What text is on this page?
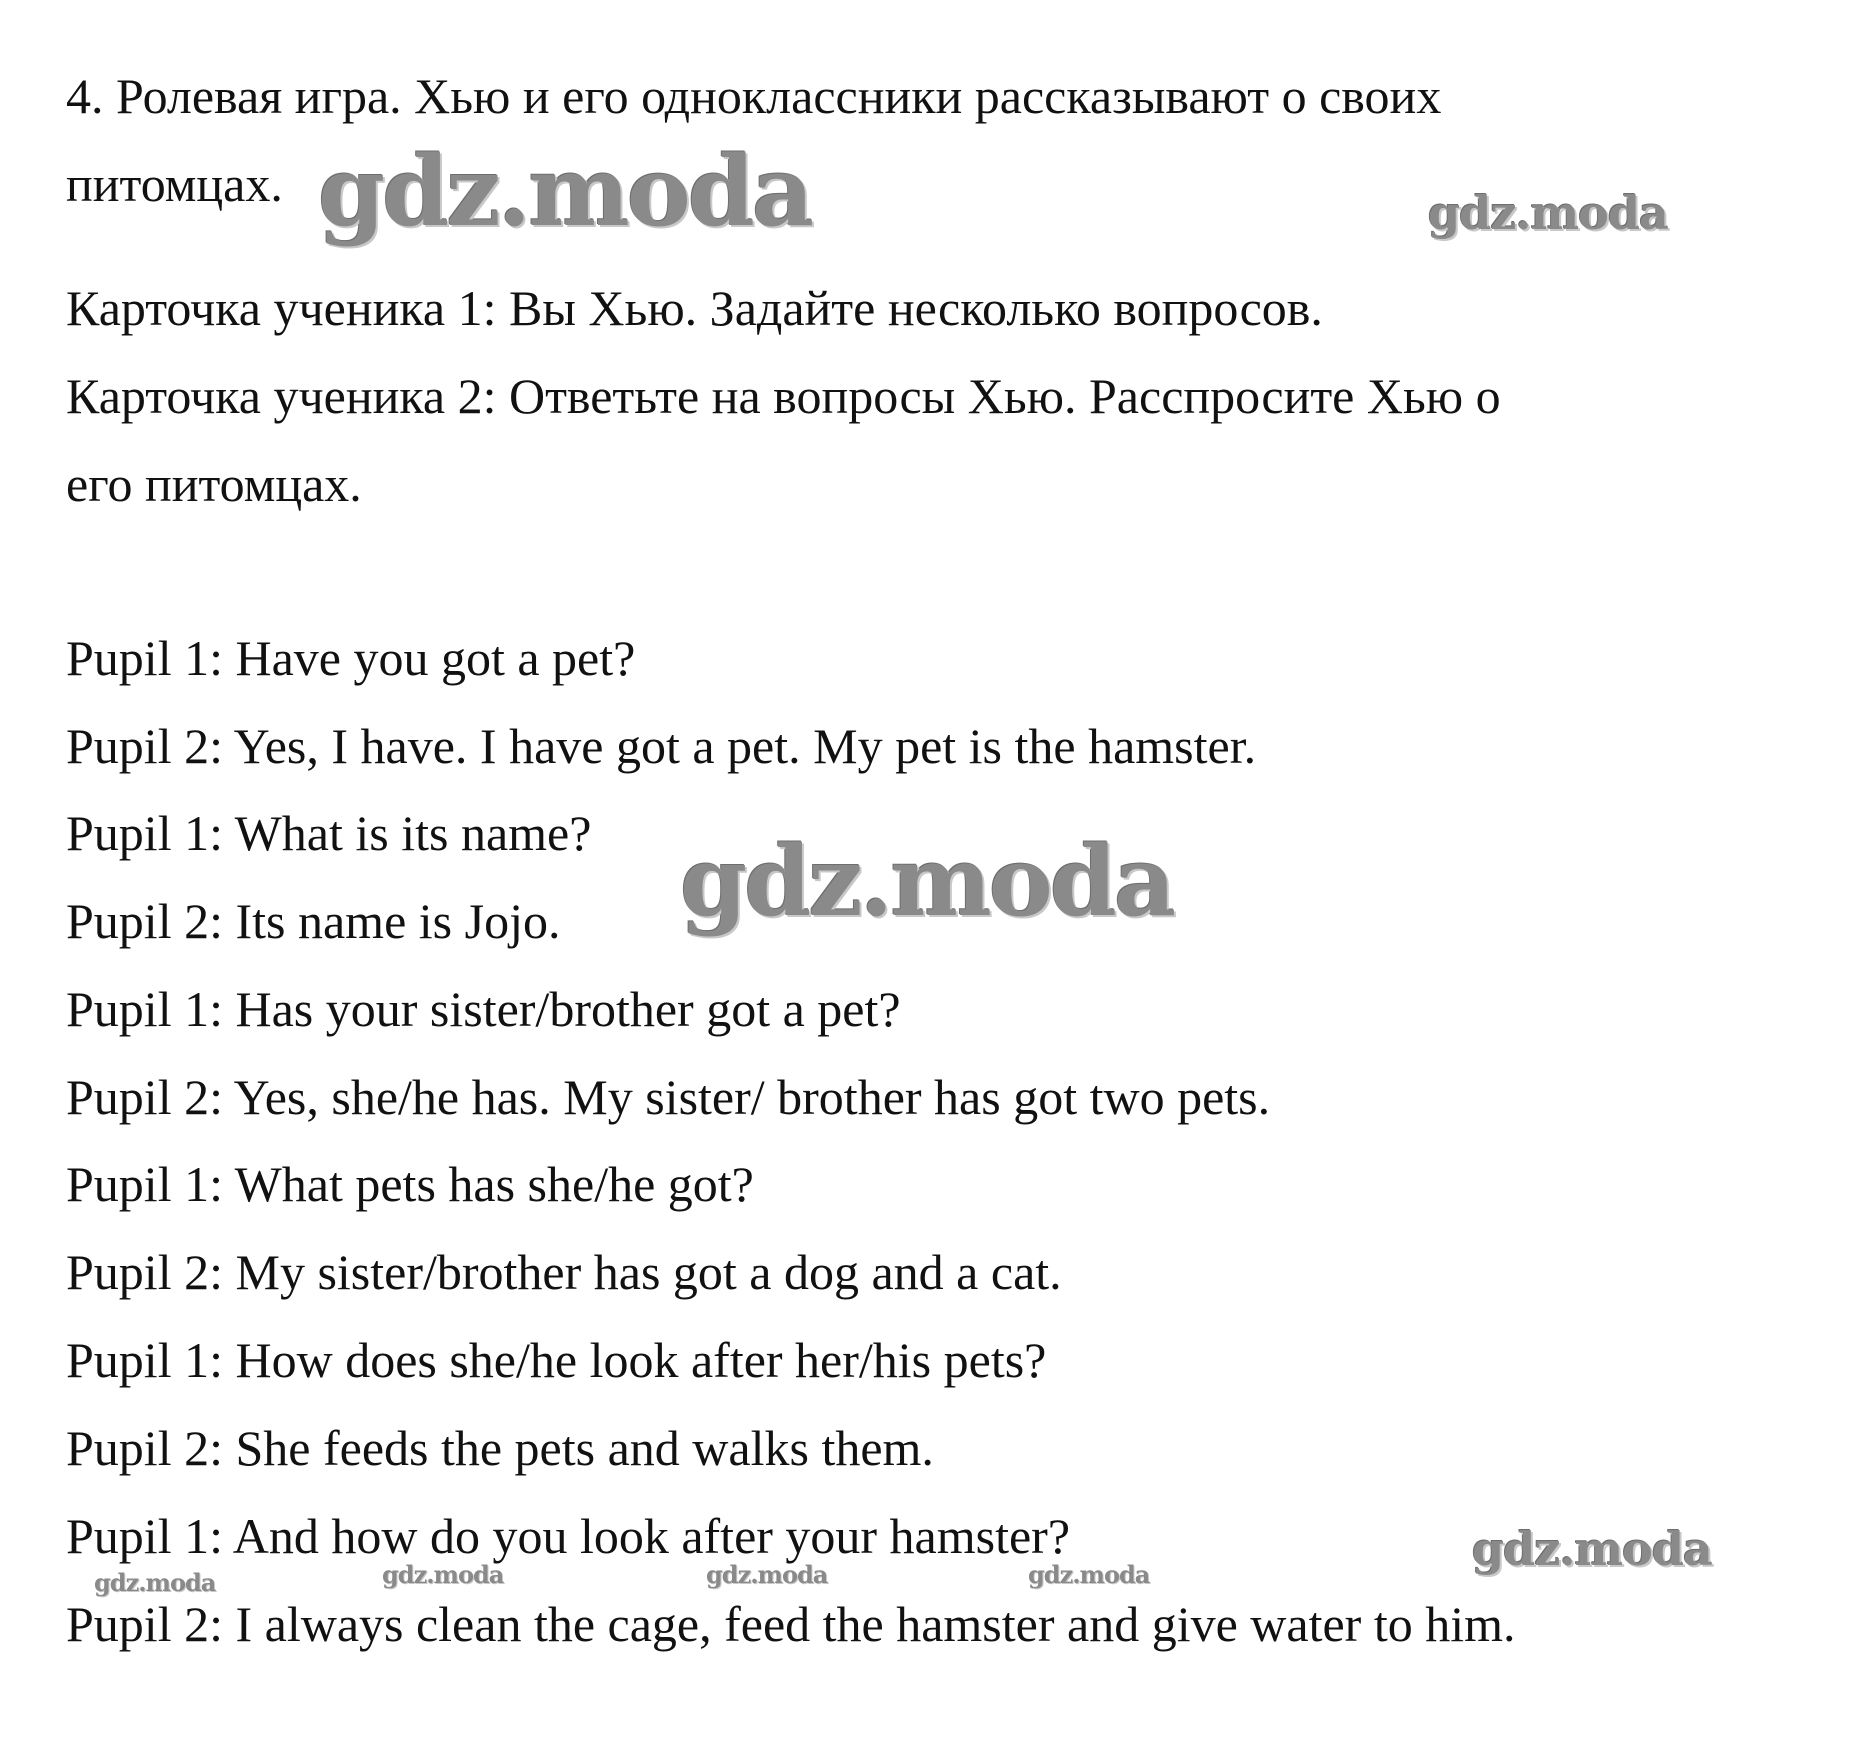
4. Ролевая игра. Хью и его одноклассники рассказывают о своих
питомцах.
Карточка ученика 1: Вы Хью. Задайте несколько вопросов.
Карточка ученика 2: Ответьте на вопросы Хью. Расспросите Хью о
его питомцах.
Pupil 1: Have you got a pet?
Pupil 2: Yes, I have. I have got a pet. My pet is the hamster.
Pupil 1: What is its name?
Pupil 2: Its name is Jojo.
Pupil 1: Has your sister/brother got a pet?
Pupil 2: Yes, she/he has. My sister/ brother has got two pets.
Pupil 1: What pets has she/he got?
Pupil 2: My sister/brother has got a dog and a cat.
Pupil 1: How does she/he look after her/his pets?
Pupil 2: She feeds the pets and walks them.
Pupil 1: And how do you look after your hamster?
Pupil 2: I always clean the cage, feed the hamster and give water to him.
gdz.moda	gdz.moda
gdz.moda
gdz.moda
gdz.moda	gdz.moda	gdz.moda	gdz.moda
